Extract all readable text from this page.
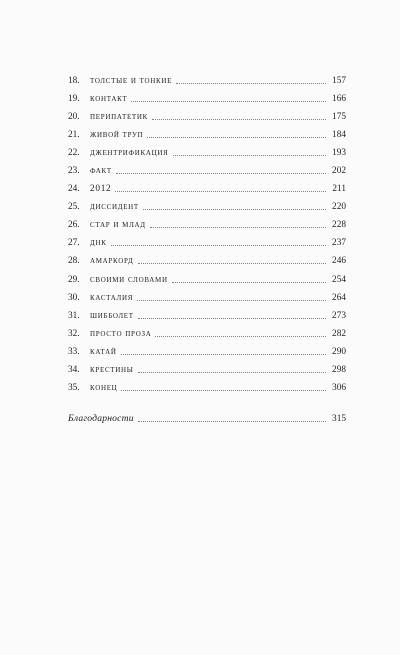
18.	толстые и тонкие	157
19.	контакт	166
20.	перипатетик	175
21.	живой труп	184
22.	джентрификация	193
23.	факт	202
24.	2012	211
25.	диссидент	220
26.	стар и млад	228
27.	днк	237
28.	амаркорд	246
29.	своими словами	254
30.	касталия	264
31.	шибболет	273
32.	просто проза	282
33.	катай	290
34.	крестины	298
35.	конец	306
Благодарности	315
